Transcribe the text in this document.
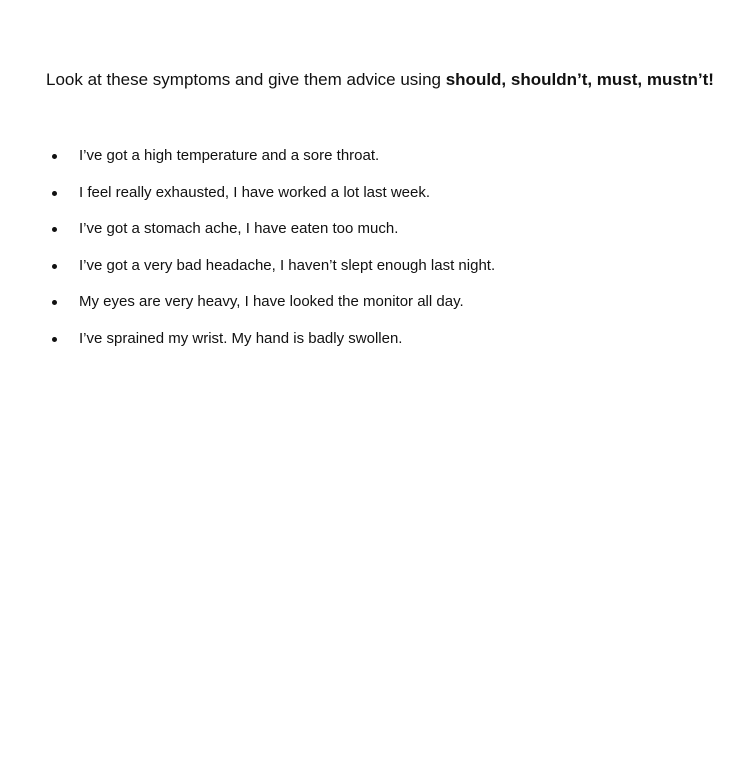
Look at these symptoms and give them advice using should, shouldn’t, must, mustn’t!
I’ve got a high temperature and a sore throat.
I feel really exhausted, I have worked a lot last week.
I’ve got a stomach ache, I have eaten too much.
I’ve got a very bad headache, I haven’t slept enough last night.
My eyes are very heavy, I have looked the monitor all day.
I’ve sprained my wrist. My hand is badly swollen.
